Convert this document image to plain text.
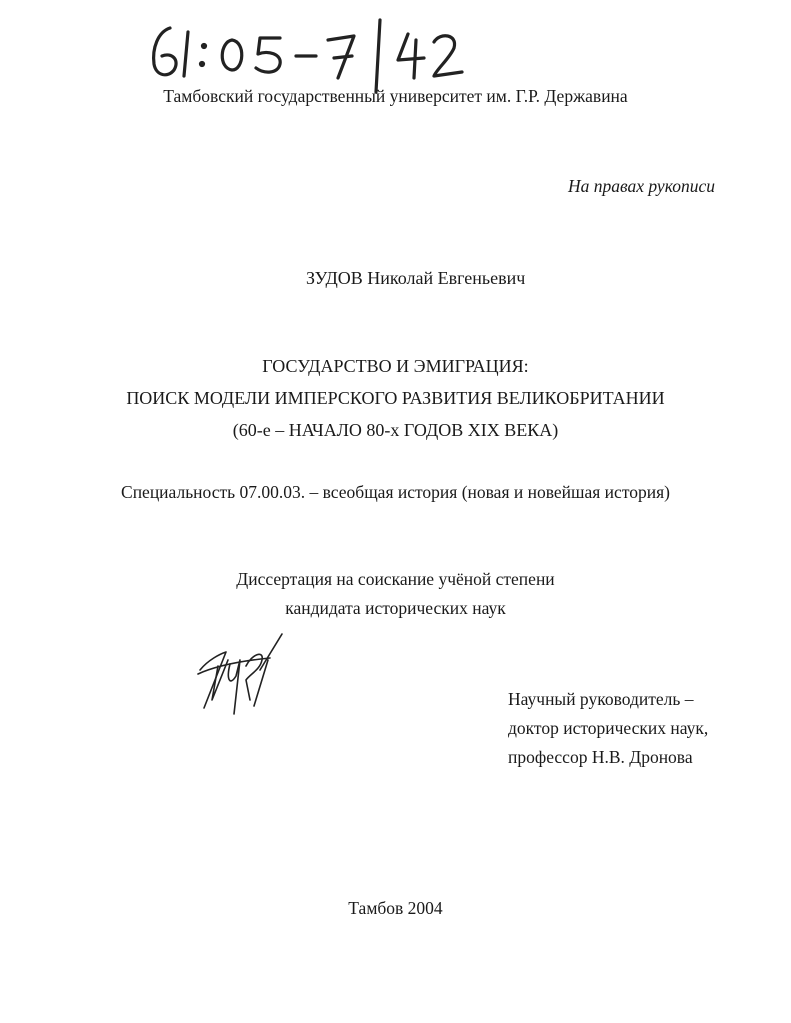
Тамбовский государственный университет им. Г.Р. Державина
На правах рукописи
ЗУДОВ Николай Евгеньевич
ГОСУДАРСТВО И ЭМИГРАЦИЯ:
ПОИСК МОДЕЛИ ИМПЕРСКОГО РАЗВИТИЯ ВЕЛИКОБРИТАНИИ
(60-е – НАЧАЛО 80-х ГОДОВ XIX ВЕКА)
Специальность 07.00.03. – всеобщая история (новая и новейшая история)
Диссертация на соискание учёной степени
кандидата исторических наук
Научный руководитель –
доктор исторических наук,
профессор Н.В. Дронова
Тамбов 2004
